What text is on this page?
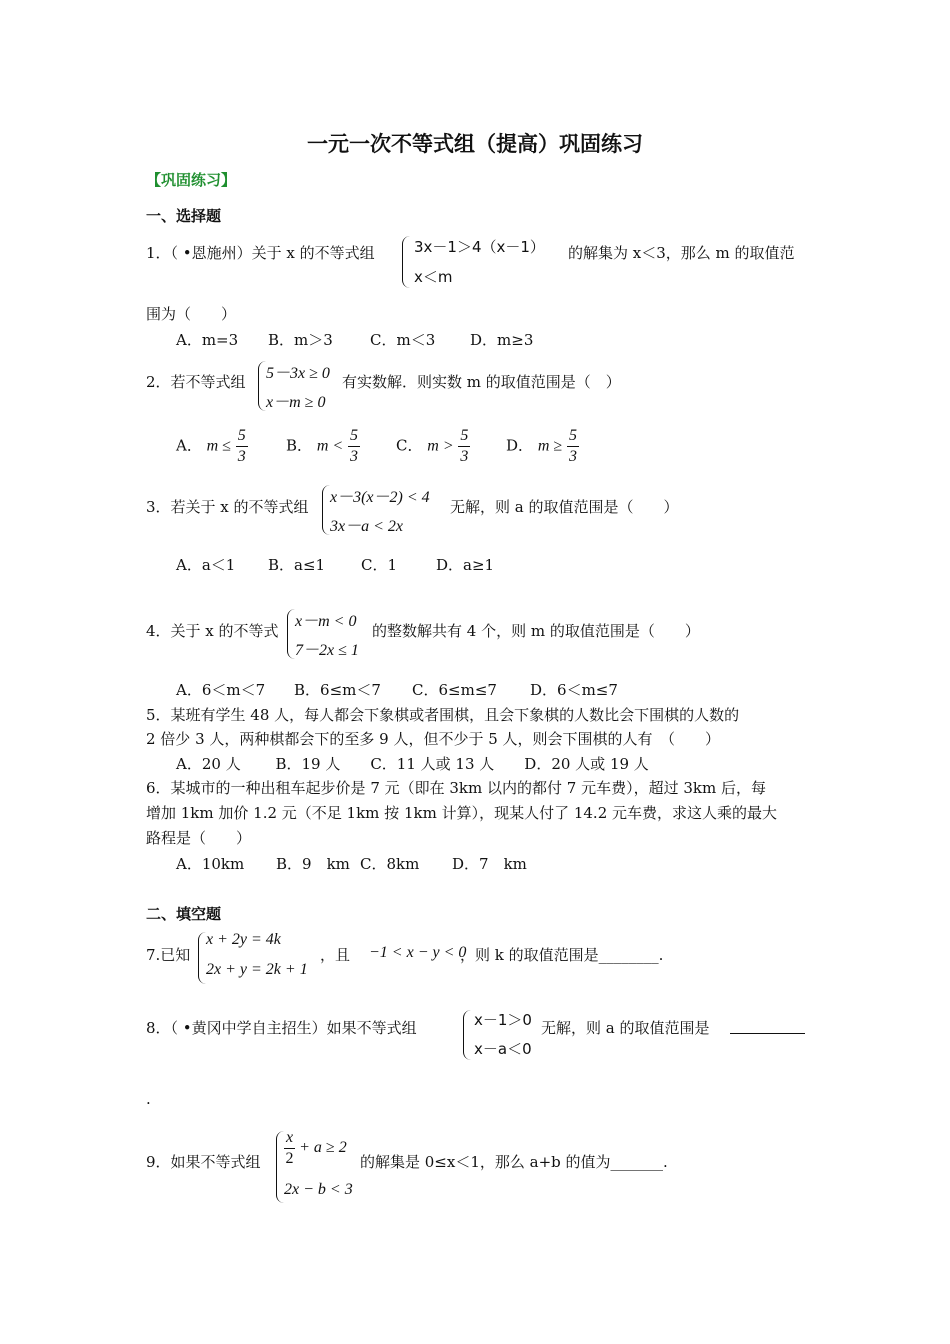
一元一次不等式组（提高）巩固练习
【巩固练习】
一、选择题
1．（ •恩施州）关于 x 的不等式组	3x－1＞4（x－1）
x＜m
的解集为 x＜3，那么 m 的取值范
围为（　　）
A．m=3 B．m＞3 C．m＜3 D．m≥3
2．若不等式组 5－3x ≥ 0
x－m ≥ 0
有实数解．则实数 m 的取值范围是（　）
A． $m \le \frac{5}{3}$	B． $m < \frac{5}{3}$ C． $m > \frac{5}{3}$ D． $m \ge \frac{5}{3}$
3．若关于 x 的不等式组
x－3(x－2) < 4
3x－a < 2x
无解，则 a 的取值范围是（　　）
A．a＜1 B．a≤1 C．1	D．a≥1
4．关于 x 的不等式
x－m < 0
7－2x ≤ 1
的整数解共有 4 个，则 m 的取值范围是（　　）
A．6＜m＜7 B．6≤m＜7 C．6≤m≤7 D．6＜m≤7
5．某班有学生 48 人，每人都会下象棋或者围棋，且会下象棋的人数比会下围棋的人数的
2 倍少 3 人，两种棋都会下的至多 9 人，但不少于 5 人，则会下围棋的人有　（　　）
A．20 人　　 B．19 人　　C．11 人或 13 人　　D．20 人或 19 人
6．某城市的一种出租车起步价是 7 元（即在 3km 以内的都付 7 元车费），超过 3km 后，每
增加 1km 加价 1.2 元（不足 1km 按 1km 计算），现某人付了 14.2 元车费，求这人乘的最大
路程是（　　）
A．10km B．9　km C．8km D．7　km
二、填空题
7.已知
x + 2y = 4k
2x + y = 2k + 1
，且 −1 < x − y < 0
，则 k 的取值范围是________.
8．（ •黄冈中学自主招生）如果不等式组	x－1＞0
x－a＜0
无解，则 a 的取值范围是
.
9．如果不等式组 $\frac{x}{2} + a \ge 2$
2x − b < 3
的解集是 0≤x＜1，那么 a+b 的值为_______.
